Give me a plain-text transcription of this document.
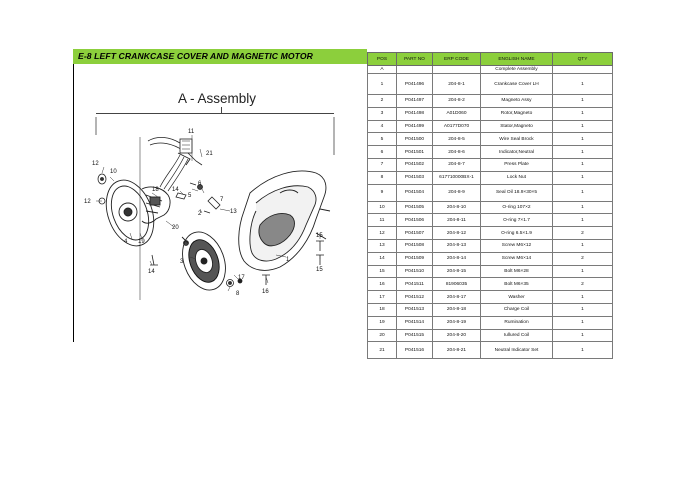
E-8 LEFT CRANKCASE COVER AND MAGNETIC MOTOR
A - Assembly
11
21
12
10
18 14
6
7
13
2
12
20
4 19
1
3
14
15
15
17
8	16
5
POS	PART NO	ERP CODE	ENGLISH NAME	QTY
A			Complete Assembly	
1	P041496	204-8-1	Crankcase Cover LH	1
2	P041497	204-8-2	Magneto Assy	1
3	P041498	A01D060	Rotor,Magneto	1
4	P041499	A0177D070	Stator,Magneto	1
5	P041500	204-8-5	Wire Seal Brock	1
6	P041501	204-8-6	Indicator,Neutral	1
7	P041502	204-8-7	Press Plate	1
8	P041503	617710000BX-1	Lock Nut	1
9	P041504	204-8-9	Seal Oil 18.9×30×5	1
10	P041505	204-8-10	O-ring 107×2	1
11	P041506	204-8-11	O-ring 7×1.7	1
12	P041507	204-8-12	O-ring 6.5×1.9	2
13	P041508	204-8-13	Screw M6×12	1
14	P041509	204-8-14	Screw M6×14	2
15	P041510	204-8-15	Bolt M6×28	1
16	P041511	81906035	Bolt M6×35	2
17	P041512	204-8-17	Washer	1
18	P041513	204-8-18	Charge Coil	1
19	P041514	204-8-19	Rumination	1
20	P041515	204-8-20	Iullured Coil	1
21	P041516	204-8-21	Neutral Indicator Set	1
